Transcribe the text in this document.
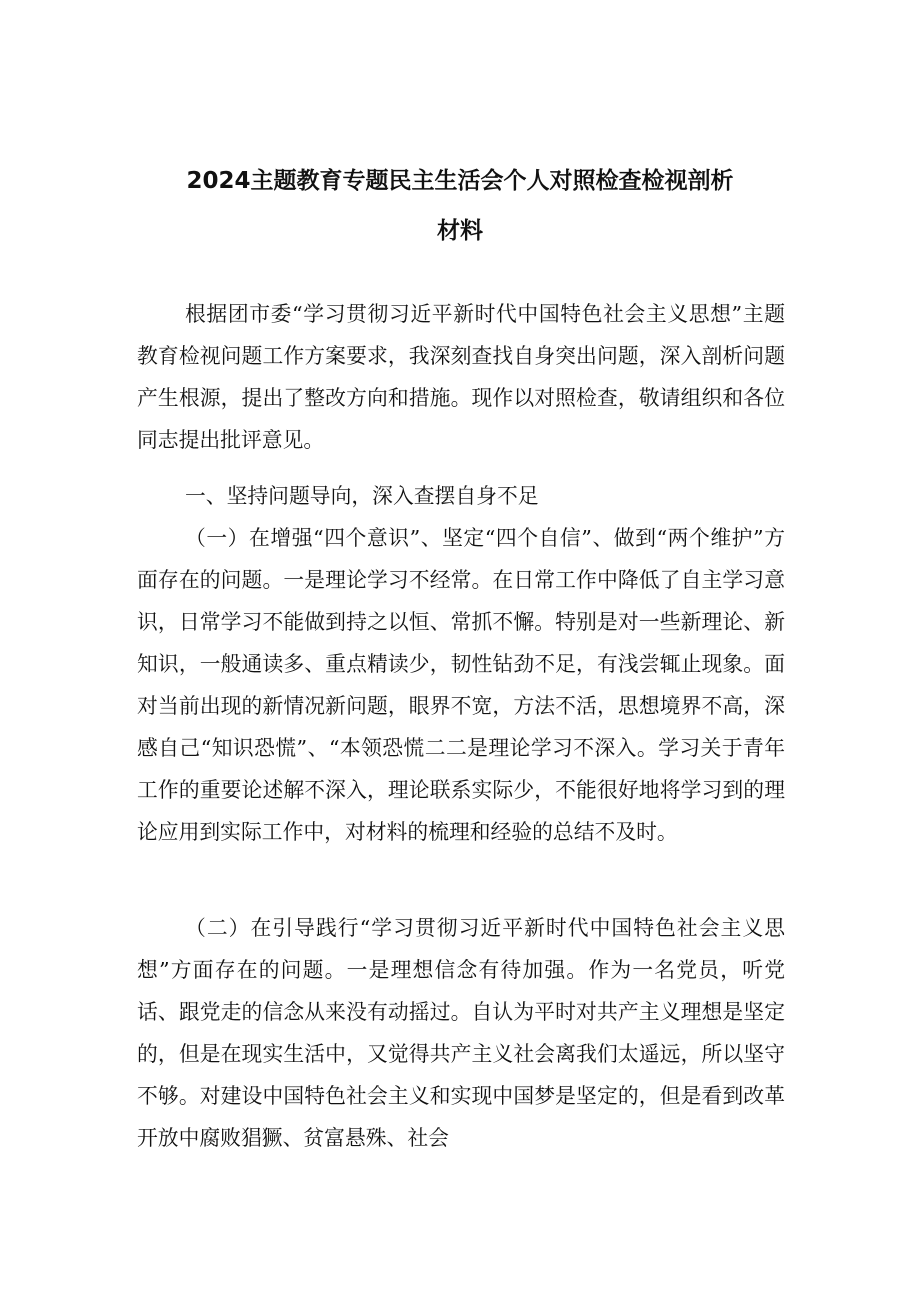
2024主题教育专题民主生活会个人对照检查检视剖析
材料

根据团市委“学习贯彻习近平新时代中国特色社会主义思想”主题教育检视问题工作方案要求，我深刻查找自身突出问题，深入剖析问题产生根源，提出了整改方向和措施。现作以对照检查，敬请组织和各位同志提出批评意见。

一、坚持问题导向，深入查摆自身不足

（一）在增强“四个意识”、坚定“四个自信”、做到“两个维护”方面存在的问题。一是理论学习不经常。在日常工作中降低了自主学习意识，日常学习不能做到持之以恒、常抓不懈。特别是对一些新理论、新知识，一般通读多、重点精读少，韧性钻劲不足，有浅尝辄止现象。面对当前出现的新情况新问题，眼界不宽，方法不活，思想境界不高，深感自己“知识恐慌”、“本领恐慌二二是理论学习不深入。学习关于青年工作的重要论述解不深入，理论联系实际少，不能很好地将学习到的理论应用到实际工作中，对材料的梳理和经验的总结不及时。

（二）在引导践行“学习贯彻习近平新时代中国特色社会主义思想”方面存在的问题。一是理想信念有待加强。作为一名党员，听党话、跟党走的信念从来没有动摇过。自认为平时对共产主义理想是坚定的，但是在现实生活中，又觉得共产主义社会离我们太遥远，所以坚守不够。对建设中国特色社会主义和实现中国梦是坚定的，但是看到改革开放中腐败猖獗、贫富悬殊、社会
